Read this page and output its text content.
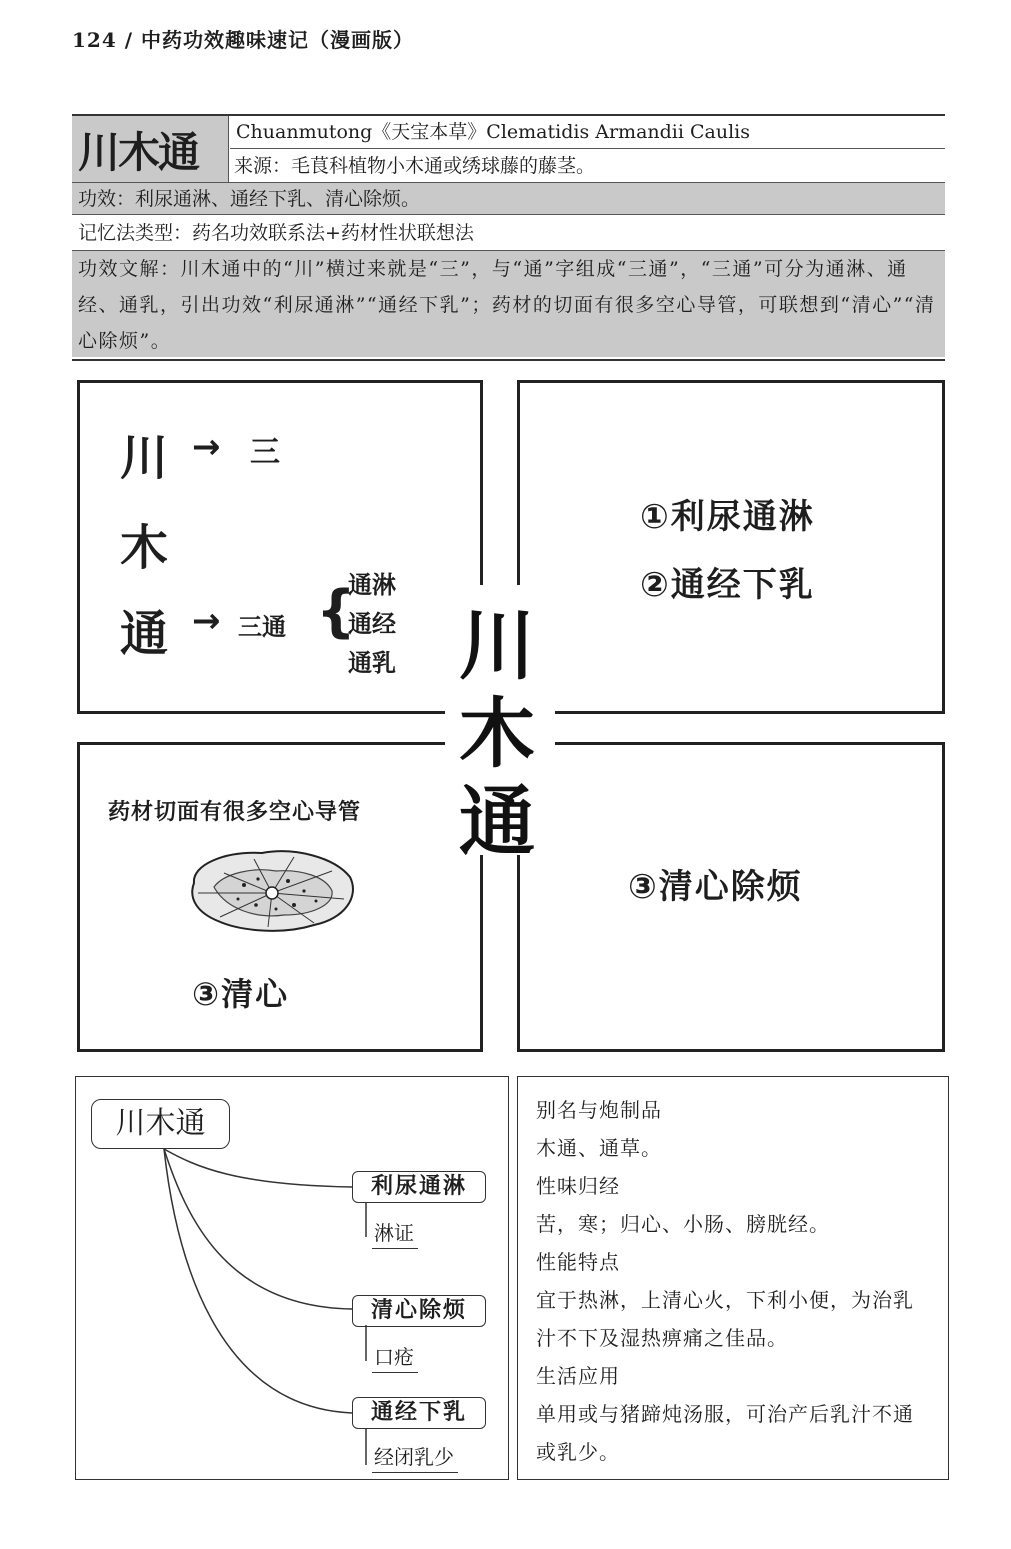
124 / 中药功效趣味速记（漫画版）
川木通	Chuanmutong《天宝本草》Clematidis Armandii Caulis
来源：毛茛科植物小木通或绣球藤的藤茎。
功效：利尿通淋、通经下乳、清心除烦。
记忆法类型：药名功效联系法+药材性状联想法
功效文解：川木通中的“川”横过来就是“三”，与“通”字组成“三通”，“三通”可分为通淋、通经、通乳，引出功效“利尿通淋”“通经下乳”；药材的切面有很多空心导管，可联想到“清心”“清心除烦”。
川 → 三
木
通 → 三通 {
通淋
通经
通乳
①利尿通淋
②通经下乳
药材切面有很多空心导管
③清心
③清心除烦
川
木
通
川木通
利尿通淋
淋证
清心除烦
口疮
通经下乳
经闭乳少

别名与炮制品

木通、通草。

性味归经

苦，寒；归心、小肠、膀胱经。

性能特点

宜于热淋，上清心火，下利小便，为治乳汁不下及湿热痹痛之佳品。

生活应用

单用或与猪蹄炖汤服，可治产后乳汁不通或乳少。
